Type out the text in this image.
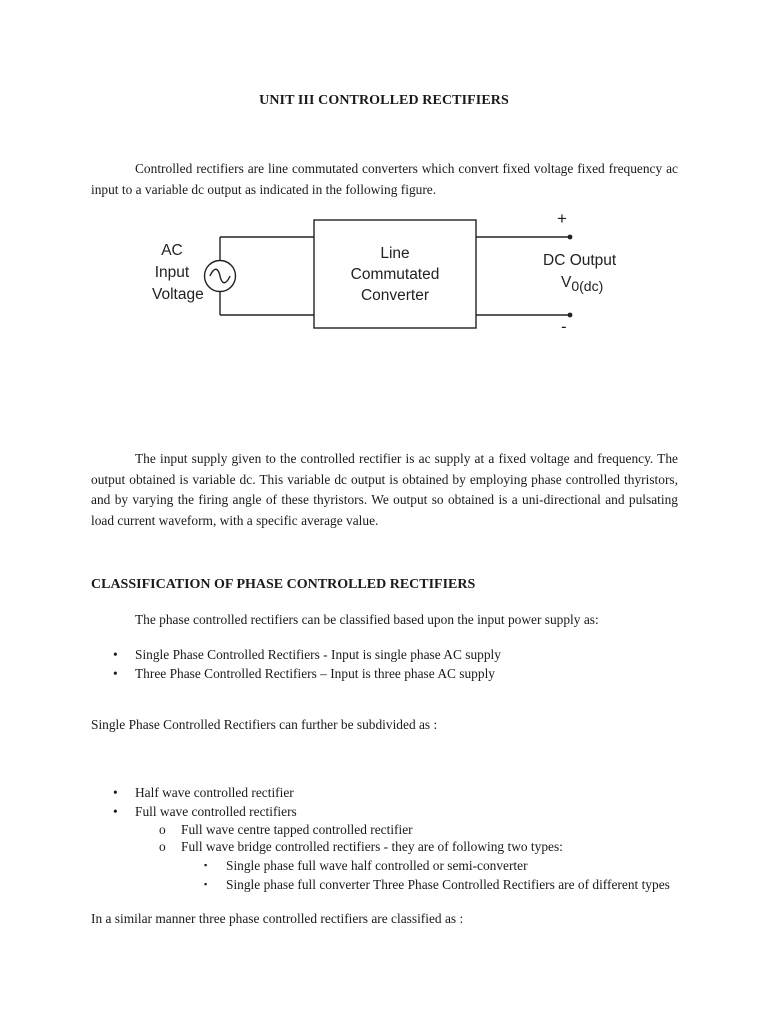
UNIT III CONTROLLED RECTIFIERS

Controlled rectifiers are line commutated converters which convert fixed voltage fixed frequency ac input to a variable dc output as indicated in the following figure.

AC
Input
Voltage
Line
Commutated
Converter
+
-
DC Output
$V_{0(dc)}$

The input supply given to the controlled rectifier is ac supply at a fixed voltage and frequency. The output obtained is variable dc. This variable dc output is obtained by employing phase controlled thyristors, and by varying the firing angle of these thyristors. We output so obtained is a uni-directional and pulsating load current waveform, with a specific average value.

CLASSIFICATION OF PHASE CONTROLLED RECTIFIERS
The phase controlled rectifiers can be classified based upon the input power supply as:
• Single Phase Controlled Rectifiers - Input is single phase AC supply
• Three Phase Controlled Rectifiers – Input is three phase AC supply
Single Phase Controlled Rectifiers can further be subdivided as :
• Half wave controlled rectifier
• Full wave controlled rectifiers
o Full wave centre tapped controlled rectifier
o Full wave bridge controlled rectifiers - they are of following two types:
▪ Single phase full wave half controlled or semi-converter
▪ Single phase full converter Three Phase Controlled Rectifiers are of different types
In a similar manner three phase controlled rectifiers are classified as :
